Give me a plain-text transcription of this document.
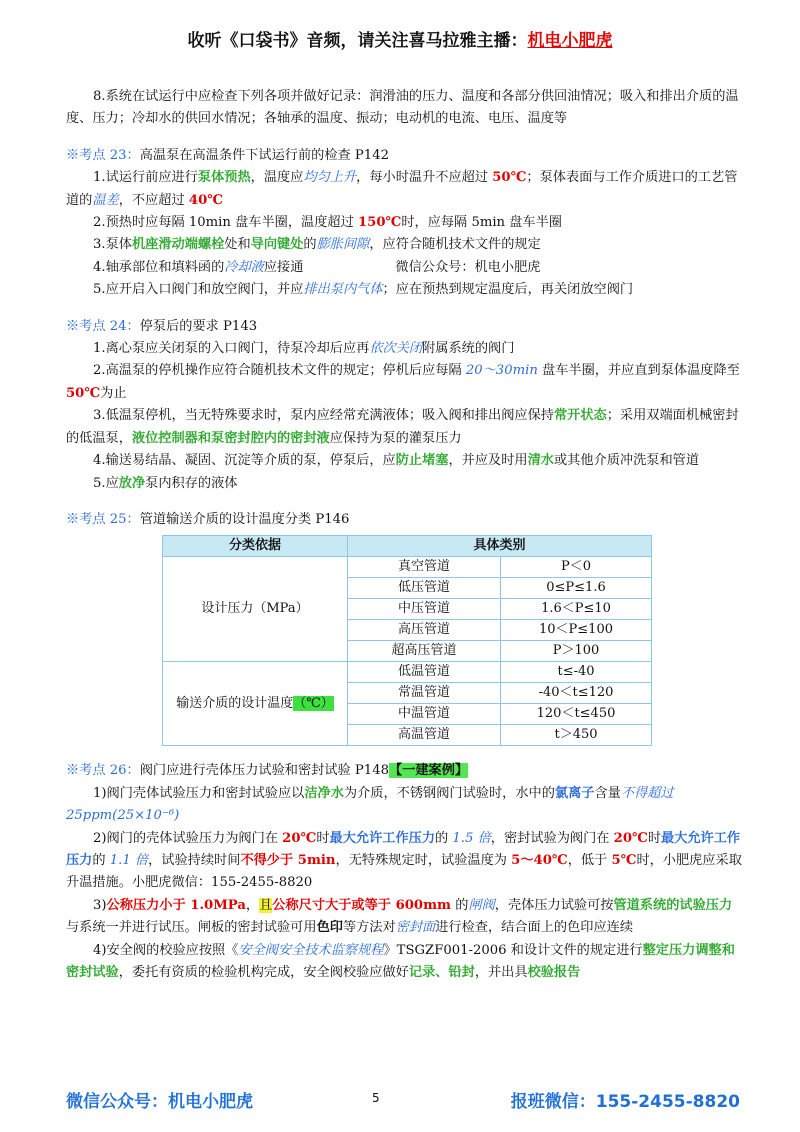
收听《口袋书》音频，请关注喜马拉雅主播：机电小肥虎

8.系统在试运行中应检查下列各项并做好记录：润滑油的压力、温度和各部分供回油情况；吸入和排出介质的温度、压力；冷却水的供回水情况；各轴承的温度、振动；电动机的电流、电压、温度等

※考点 23：高温泵在高温条件下试运行前的检查 P142

1.试运行前应进行泵体预热，温度应均匀上升，每小时温升不应超过 50℃；泵体表面与工作介质进口的工艺管道的温差，不应超过 40℃

2.预热时应每隔 10min 盘车半圈，温度超过 150℃时，应每隔 5min 盘车半圈

3.泵体机座滑动端螺栓处和导向键处的膨胀间隙，应符合随机技术文件的规定

4.轴承部位和填料函的冷却液应接通	微信公众号：机电小肥虎

5.应开启入口阀门和放空阀门，并应排出泵内气体；应在预热到规定温度后，再关闭放空阀门

※考点 24：停泵后的要求 P143

1.离心泵应关闭泵的入口阀门，待泵冷却后应再依次关闭附属系统的阀门

2.高温泵的停机操作应符合随机技术文件的规定；停机后应每隔 20～30min 盘车半圈，并应直到泵体温度降至 50℃为止

3.低温泵停机，当无特殊要求时，泵内应经常充满液体；吸入阀和排出阀应保持常开状态；采用双端面机械密封的低温泵，液位控制器和泵密封腔内的密封液应保持为泵的灌泵压力

4.输送易结晶、凝固、沉淀等介质的泵，停泵后，应防止堵塞，并应及时用清水或其他介质冲洗泵和管道

5.应放净泵内积存的液体

※考点 25：管道输送介质的设计温度分类 P146

分类依据	具体类别	
设计压力（MPa）	真空管道	P＜0
	低压管道	0≤P≤1.6
	中压管道	1.6＜P≤10
	高压管道	10＜P≤100
	超高压管道	P＞100
输送介质的设计温度（℃）	低温管道	t≤-40
	常温管道	-40＜t≤120
	中温管道	120＜t≤450
	高温管道	t＞450

※考点 26：阀门应进行壳体压力试验和密封试验 P148【一建案例】

1)阀门壳体试验压力和密封试验应以洁净水为介质，不锈钢阀门试验时，水中的氯离子含量不得超过 25ppm(25×10⁻⁶)

2)阀门的壳体试验压力为阀门在 20℃时最大允许工作压力的 1.5 倍，密封试验为阀门在 20℃时最大允许工作压力的 1.1 倍，试验持续时间不得少于 5min，无特殊规定时，试验温度为 5～40℃，低于 5℃时，小肥虎应采取升温措施。小肥虎微信：155-2455-8820

3)公称压力小于 1.0MPa，且公称尺寸大于或等于 600mm 的闸阀，壳体压力试验可按管道系统的试验压力与系统一并进行试压。闸板的密封试验可用色印等方法对密封面进行检查，结合面上的色印应连续

4)安全阀的校验应按照《安全阀安全技术监察规程》TSGZF001-2006 和设计文件的规定进行整定压力调整和密封试验，委托有资质的检验机构完成，安全阀校验应做好记录、铅封，并出具校验报告

微信公众号：机电小肥虎	5	报班微信：155-2455-8820
